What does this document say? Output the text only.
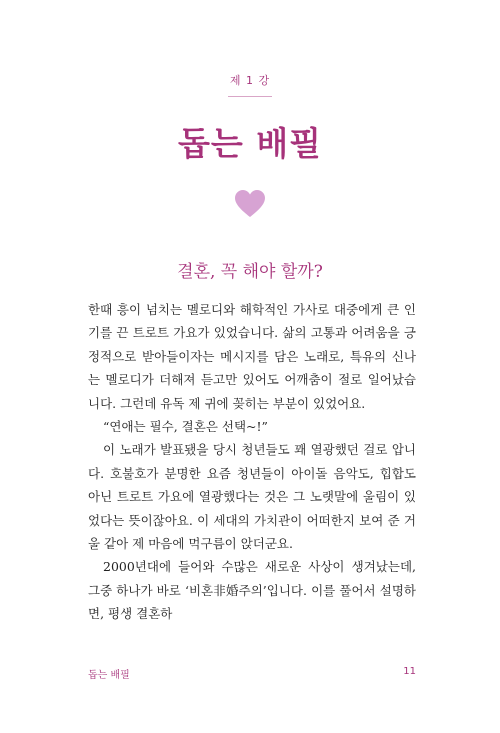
제 1 강
돕는 배필
결혼, 꼭 해야 할까?

한때 흥이 넘치는 멜로디와 해학적인 가사로 대중에게 큰 인기를 끈 트로트 가요가 있었습니다. 삶의 고통과 어려움을 긍정적으로 받아들이자는 메시지를 담은 노래로, 특유의 신나는 멜로디가 더해져 듣고만 있어도 어깨춤이 절로 일어났습니다. 그런데 유독 제 귀에 꽂히는 부분이 있었어요.

“연애는 필수, 결혼은 선택~!”

이 노래가 발표됐을 당시 청년들도 꽤 열광했던 걸로 압니다. 호불호가 분명한 요즘 청년들이 아이돌 음악도, 힙합도 아닌 트로트 가요에 열광했다는 것은 그 노랫말에 울림이 있었다는 뜻이잖아요. 이 세대의 가치관이 어떠한지 보여 준 거울 같아 제 마음에 먹구름이 앉더군요.

2000년대에 들어와 수많은 새로운 사상이 생겨났는데, 그중 하나가 바로 ‘비혼非婚주의’입니다. 이를 풀어서 설명하면, 평생 결혼하

돕는 배필	11
